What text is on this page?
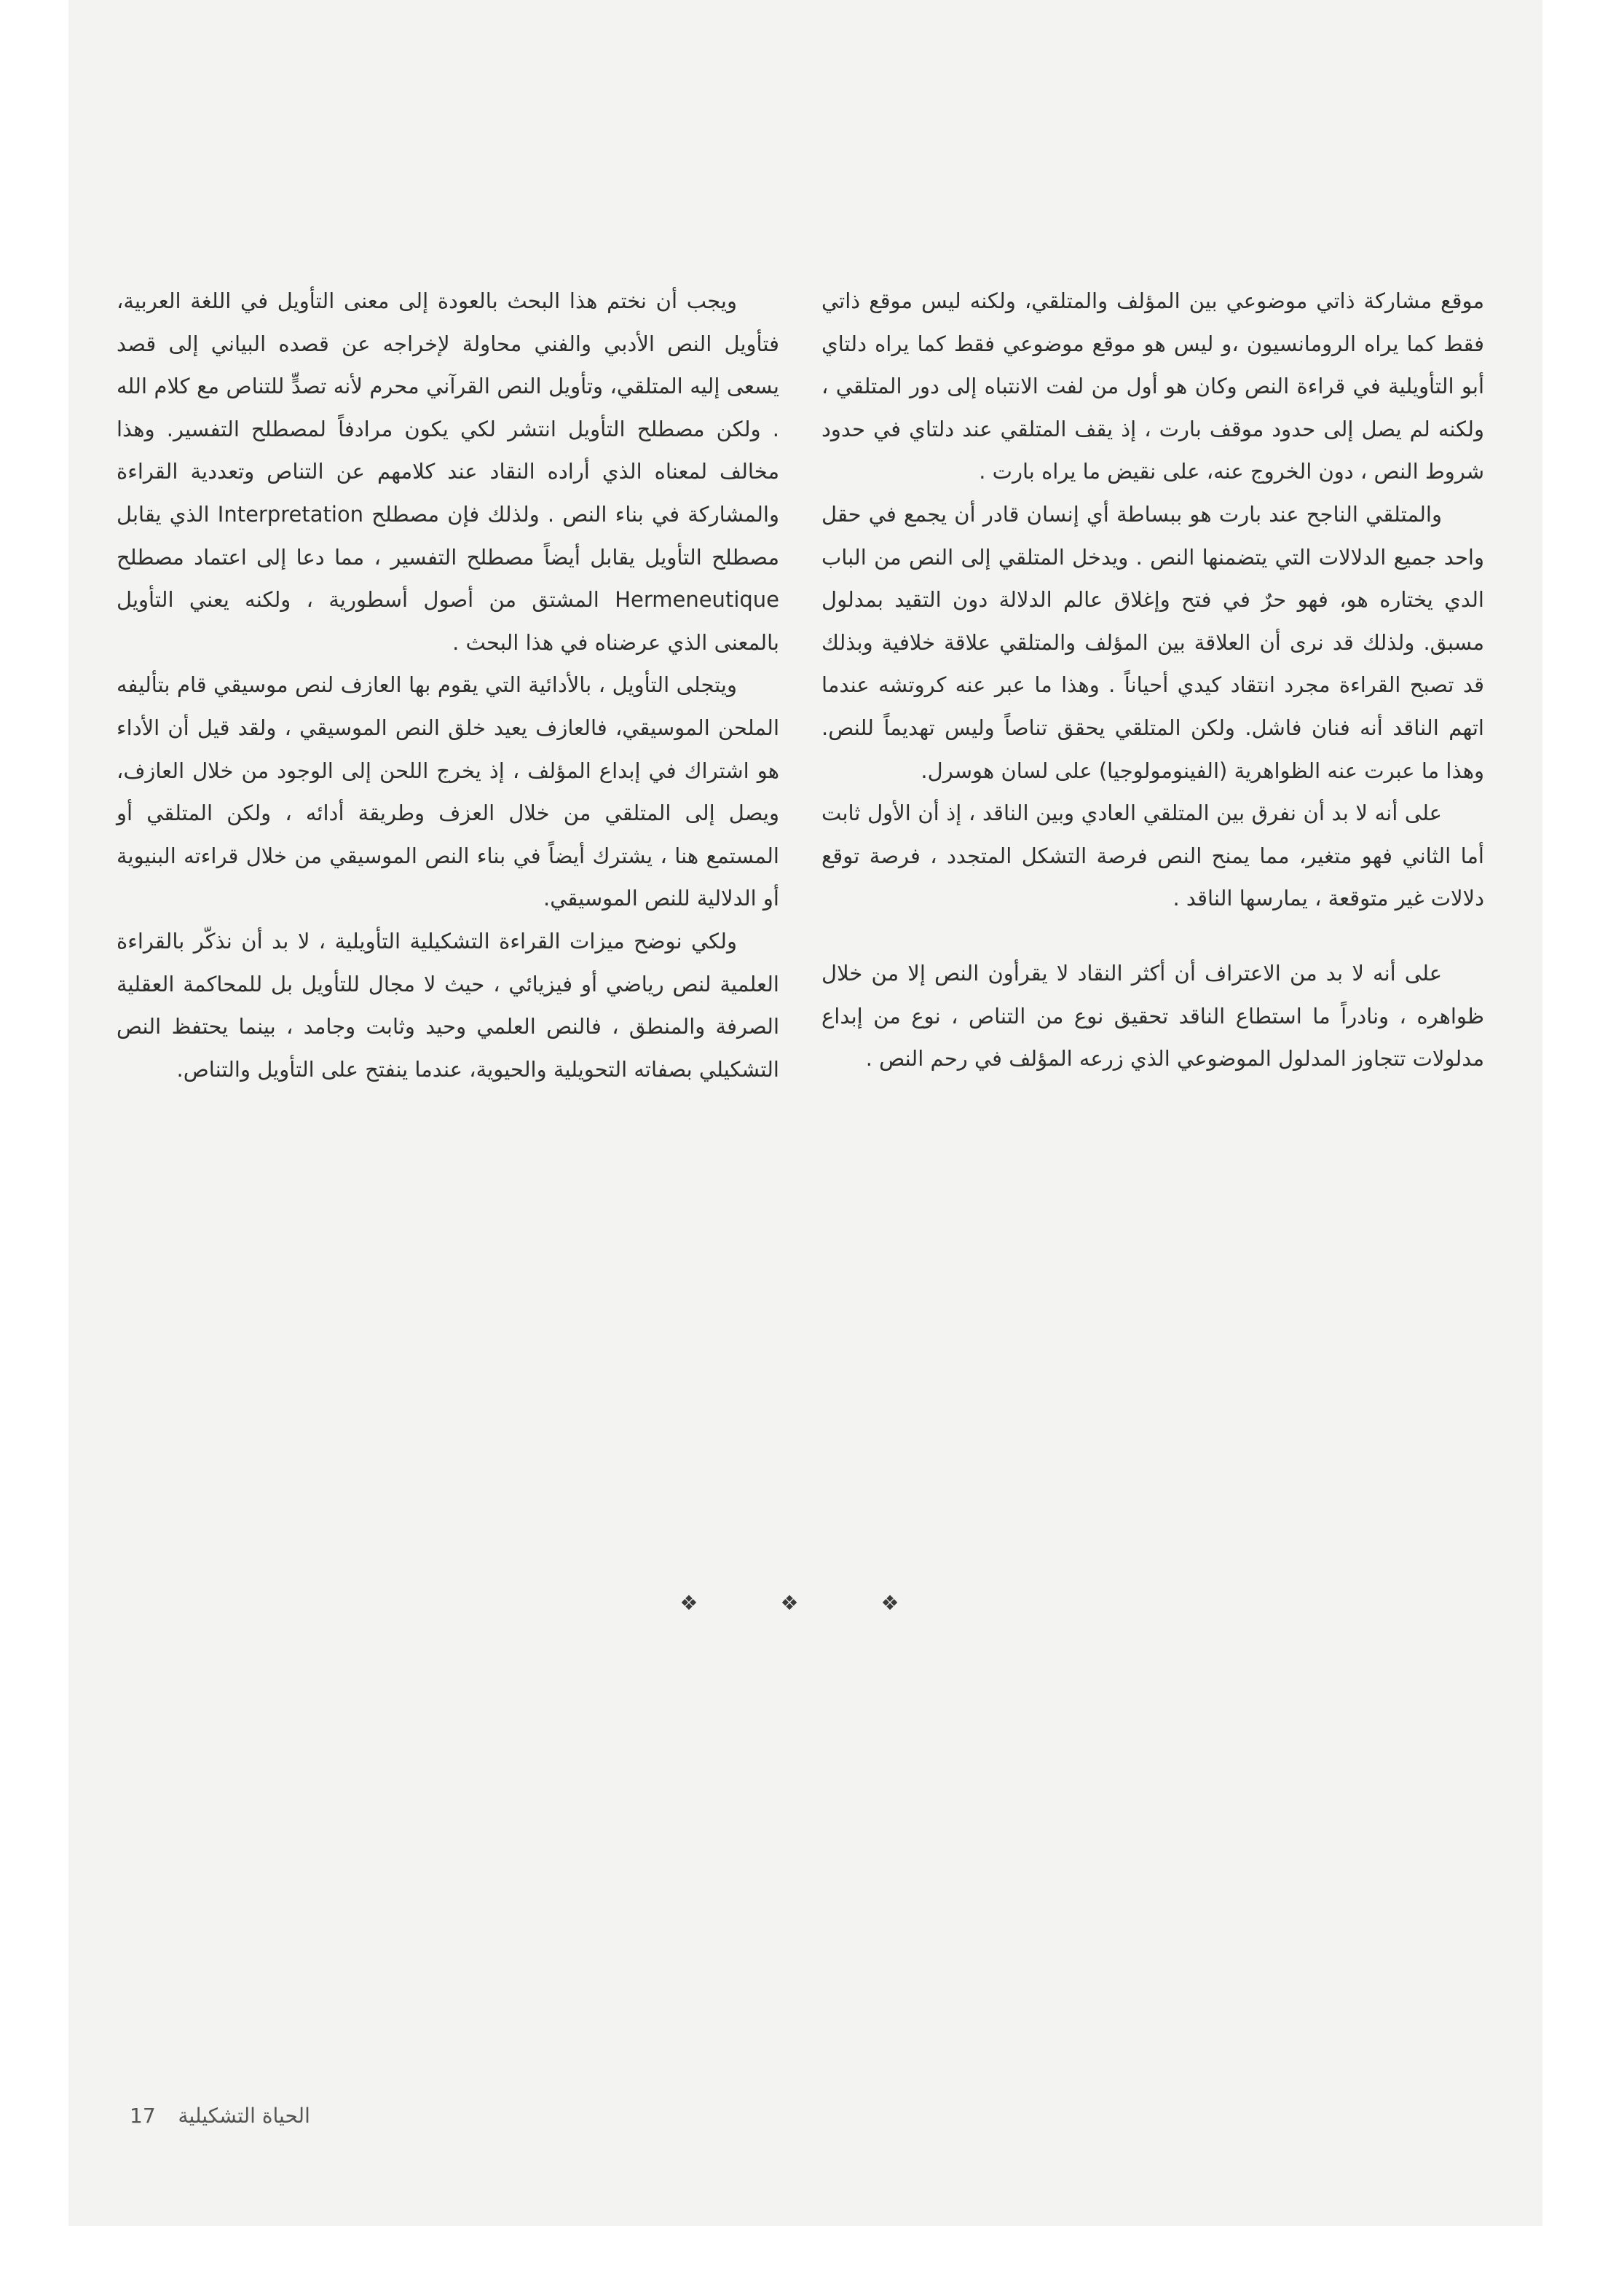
موقع مشاركة ذاتي موضوعي بين المؤلف والمتلقي، ولكنه ليس موقع ذاتي فقط كما يراه الرومانسيون ،و ليس هو موقع موضوعي فقط كما يراه دلتاي أبو التأويلية في قراءة النص وكان هو أول من لفت الانتباه إلى دور المتلقي ، ولكنه لم يصل إلى حدود موقف بارت ، إذ يقف المتلقي عند دلتاي في حدود شروط النص ، دون الخروج عنه، على نقيض ما يراه بارت .

والمتلقي الناجح عند بارت هو ببساطة أي إنسان قادر أن يجمع في حقل واحد جميع الدلالات التي يتضمنها النص . ويدخل المتلقي إلى النص من الباب الدي يختاره هو، فهو حرٌ في فتح وإغلاق عالم الدلالة دون التقيد بمدلول مسبق. ولذلك قد نرى أن العلاقة بين المؤلف والمتلقي علاقة خلافية وبذلك قد تصبح القراءة مجرد انتقاد كيدي أحياناً . وهذا ما عبر عنه كروتشه عندما اتهم الناقد أنه فنان فاشل. ولكن المتلقي يحقق تناصاً وليس تهديماً للنص. وهذا ما عبرت عنه الظواهرية (الفينومولوجيا) على لسان هوسرل.

على أنه لا بد أن نفرق بين المتلقي العادي وبين الناقد ، إذ أن الأول ثابت أما الثاني فهو متغير، مما يمنح النص فرصة التشكل المتجدد ، فرصة توقع دلالات غير متوقعة ، يمارسها الناقد .

على أنه لا بد من الاعتراف أن أكثر النقاد لا يقرأون النص إلا من خلال ظواهره ، ونادراً ما استطاع الناقد تحقيق نوع من التناص ، نوع من إبداع مدلولات تتجاوز المدلول الموضوعي الذي زرعه المؤلف في رحم النص .

ويجب أن نختم هذا البحث بالعودة إلى معنى التأويل في اللغة العربية، فتأويل النص الأدبي والفني محاولة لإخراجه عن قصده البياني إلى قصد يسعى إليه المتلقي، وتأويل النص القرآني محرم لأنه تصدٍّ للتناص مع كلام الله . ولكن مصطلح التأويل انتشر لكي يكون مرادفاً لمصطلح التفسير. وهذا مخالف لمعناه الذي أراده النقاد عند كلامهم عن التناص وتعددية القراءة والمشاركة في بناء النص . ولذلك فإن مصطلح Interpretation الذي يقابل مصطلح التأويل يقابل أيضاً مصطلح التفسير ، مما دعا إلى اعتماد مصطلح Hermeneutique المشتق من أصول أسطورية ، ولكنه يعني التأويل بالمعنى الذي عرضناه في هذا البحث .

ويتجلى التأويل ، بالأدائية التي يقوم بها العازف لنص موسيقي قام بتأليفه الملحن الموسيقي، فالعازف يعيد خلق النص الموسيقي ، ولقد قيل أن الأداء هو اشتراك في إبداع المؤلف ، إذ يخرج اللحن إلى الوجود من خلال العازف، ويصل إلى المتلقي من خلال العزف وطريقة أدائه ، ولكن المتلقي أو المستمع هنا ، يشترك أيضاً في بناء النص الموسيقي من خلال قراءته البنيوية أو الدلالية للنص الموسيقي.

ولكي نوضح ميزات القراءة التشكيلية التأويلية ، لا بد أن نذكّر بالقراءة العلمية لنص رياضي أو فيزيائي ، حيث لا مجال للتأويل بل للمحاكمة العقلية الصرفة والمنطق ، فالنص العلمي وحيد وثابت وجامد ، بينما يحتفظ النص التشكيلي بصفاته التحويلية والحيوية، عندما ينفتح على التأويل والتناص.

❖	❖	❖
17 الحياة التشكيلية
